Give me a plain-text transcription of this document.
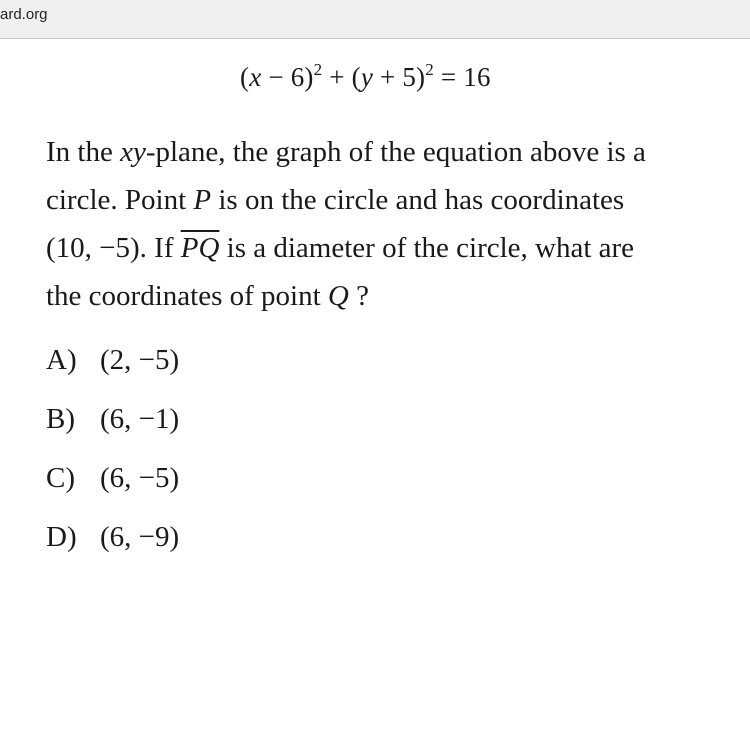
ard.org
$(x - 6)^2 + (y + 5)^2 = 16$

In the xy-plane, the graph of the equation above is a

circle. Point P is on the circle and has coordinates

(10, −5). If $\overline{PQ}$ is a diameter of the circle, what are

the coordinates of point Q ?

A) (2, −5)
B) (6, −1)
C) (6, −5)
D) (6, −9)
